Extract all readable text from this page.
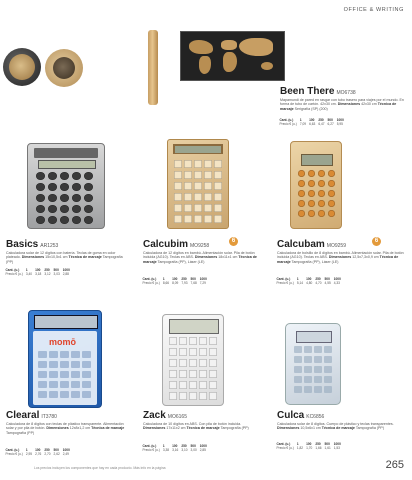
OFFICE & WRITING
Been There MO6738
Mapamundi de pared en rasgar con tubo trasero para viajes por el mundo. En forma de tubo de cartón. 42x30 cm. Dimensiones 42x30 cm Técnica de marcaje Serigrafía (SP) (200)
Cant. (u.)	1	100	250	500	1000
Precio € (u.)	7,09	6,63	6,47	6,27	5,95
Basics AR1253
Calculadora solar de 12 dígitos con batería. Teclas de goma en color plateado. Dimensiones 15x10,5x1 cm Técnica de marcaje Tampografía (PP)
Cant. (u.)	1	100	250	500	1000
Precio € (u.)	3,40	3,18	3,12	3,03	2,88
Calcubim MO9258
6
Calculadora de 12 dígitos en bambú. Alimentación solar. Pila de botón incluida (AG10). Teclas en ABS. Dimensiones 18x11x1 cm Técnica de marcaje Tampografía (PP), Láser (LE)
Cant. (u.)	1	100	250	500	1000
Precio € (u.)	8,66	8,09	7,93	7,68	7,29
Calcubam MO9259
6
Calculadora de bolsillo de 8 dígitos en bambú. Alimentación solar. Pila de botón incluida (AG10). Teclas en ABS. Dimensiones 12,5x7,3x0,9 cm Técnica de marcaje Tampografía (PP), Láser (LE)
Cant. (u.)	1	100	250	500	1000
Precio € (u.)	5,14	4,80	4,70	4,55	4,33
momō
Clearal IT3780
Calculadora de 8 dígitos con teclas de plástico transparente. Alimentación solar y por pila de botón. Dimensiones 12x8x1,2 cm Técnica de marcaje Tampografía (PP)
Cant. (u.)	1	100	250	500	1000
Precio € (u.)	2,95	2,76	2,70	2,62	2,49
Zack MO6165
Calculadora de 10 dígitos en ABS. Con pila de botón incluida. Dimensiones 17x11x2 cm Técnica de marcaje Tampografía (PP)
Cant. (u.)	1	100	250	500	1000
Precio € (u.)	3,38	3,16	3,10	3,00	2,85
Culca KC6856
Calculadora solar de 8 dígitos. Cuerpo de plástico y teclas transparentes. Dimensiones 10,5x6x1 cm Técnica de marcaje Tampografía (PP)
Cant. (u.)	1	100	250	500	1000
Precio € (u.)	1,82	1,70	1,66	1,61	1,53
Los precios incluyen los componentes que hay en cada producto. Más info en la página	265
